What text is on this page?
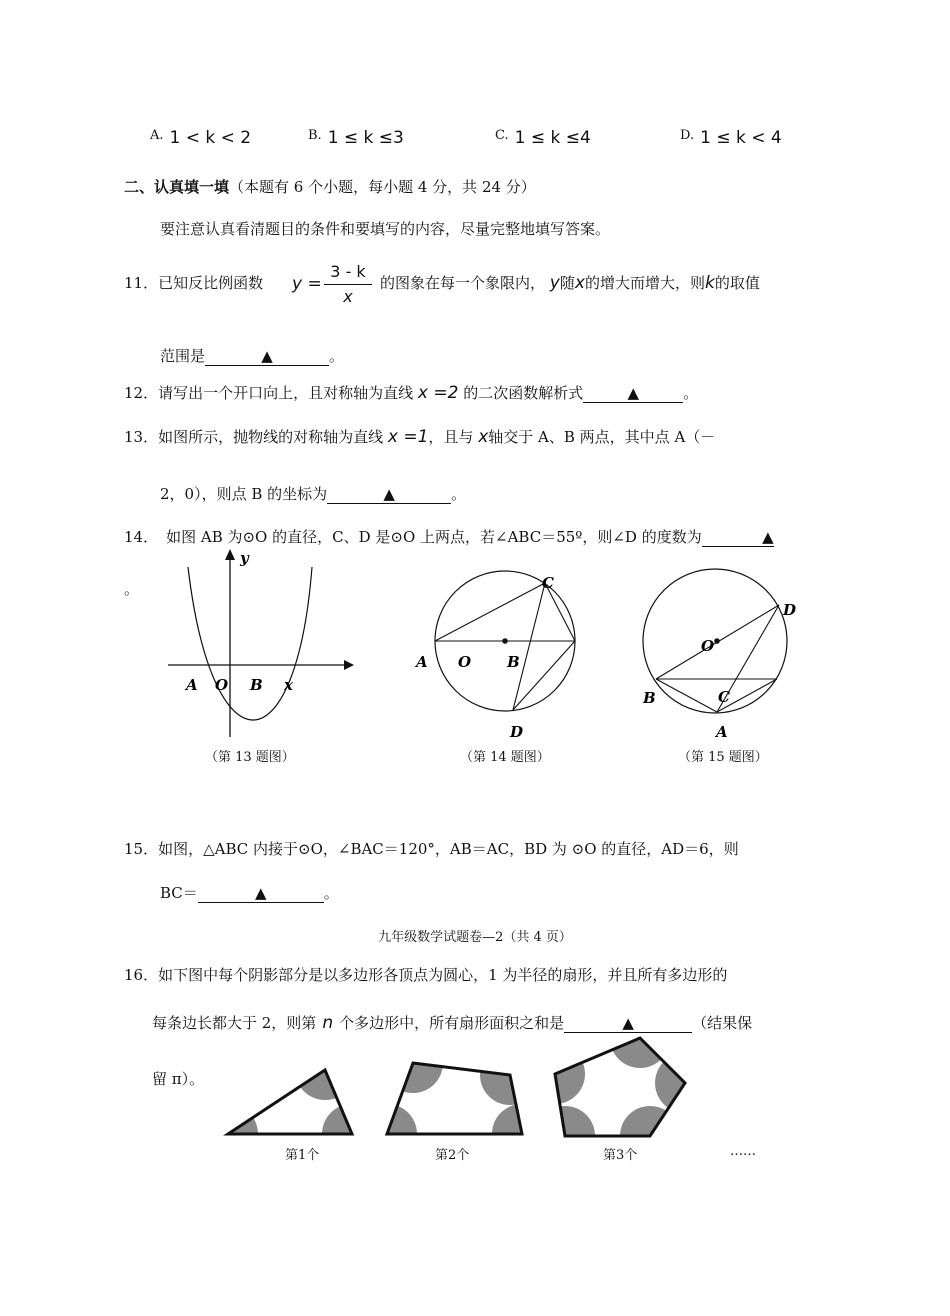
A. 1 < k < 2	B. 1 ≤ k ≤3	C. 1 ≤ k ≤4	D. 1 ≤ k < 4
二、认真填一填（本题有 6 个小题，每小题 4 分，共 24 分）
要注意认真看清题目的条件和要填写的内容，尽量完整地填写答案。
11．已知反比例函数 y =
3 - k
x
的图象在每一个象限内， y随x的增大而增大，则k的取值
范围是	▲	。
12．请写出一个开口向上，且对称轴为直线 x =2 的二次函数解析式	▲	。
13．如图所示，抛物线的对称轴为直线 x =1，且与 x轴交于 A、B 两点，其中点 A（－
2，0），则点 B 的坐标为	▲	。
14． 如图 AB 为⊙O 的直径，C、D 是⊙O 上两点，若∠ABC＝55º，则∠D 的度数为	▲
。
y
A O B x
（第 13 题图）
A O B
C
D
（第 14 题图）
O
D
B	C
A
（第 15 题图）
15．如图，△ABC 内接于⊙O，∠BAC＝120°，AB＝AC，BD 为 ⊙O 的直径，AD＝6，则
BC＝	▲	。
九年级数学试题卷—2（共 4 页）
16．如下图中每个阴影部分是以多边形各顶点为圆心，1 为半径的扇形，并且所有多边形的
每条边长都大于 2，则第 n 个多边形中，所有扇形面积之和是	▲	（结果保
留 π）。
第1个	第2个	第3个	……
